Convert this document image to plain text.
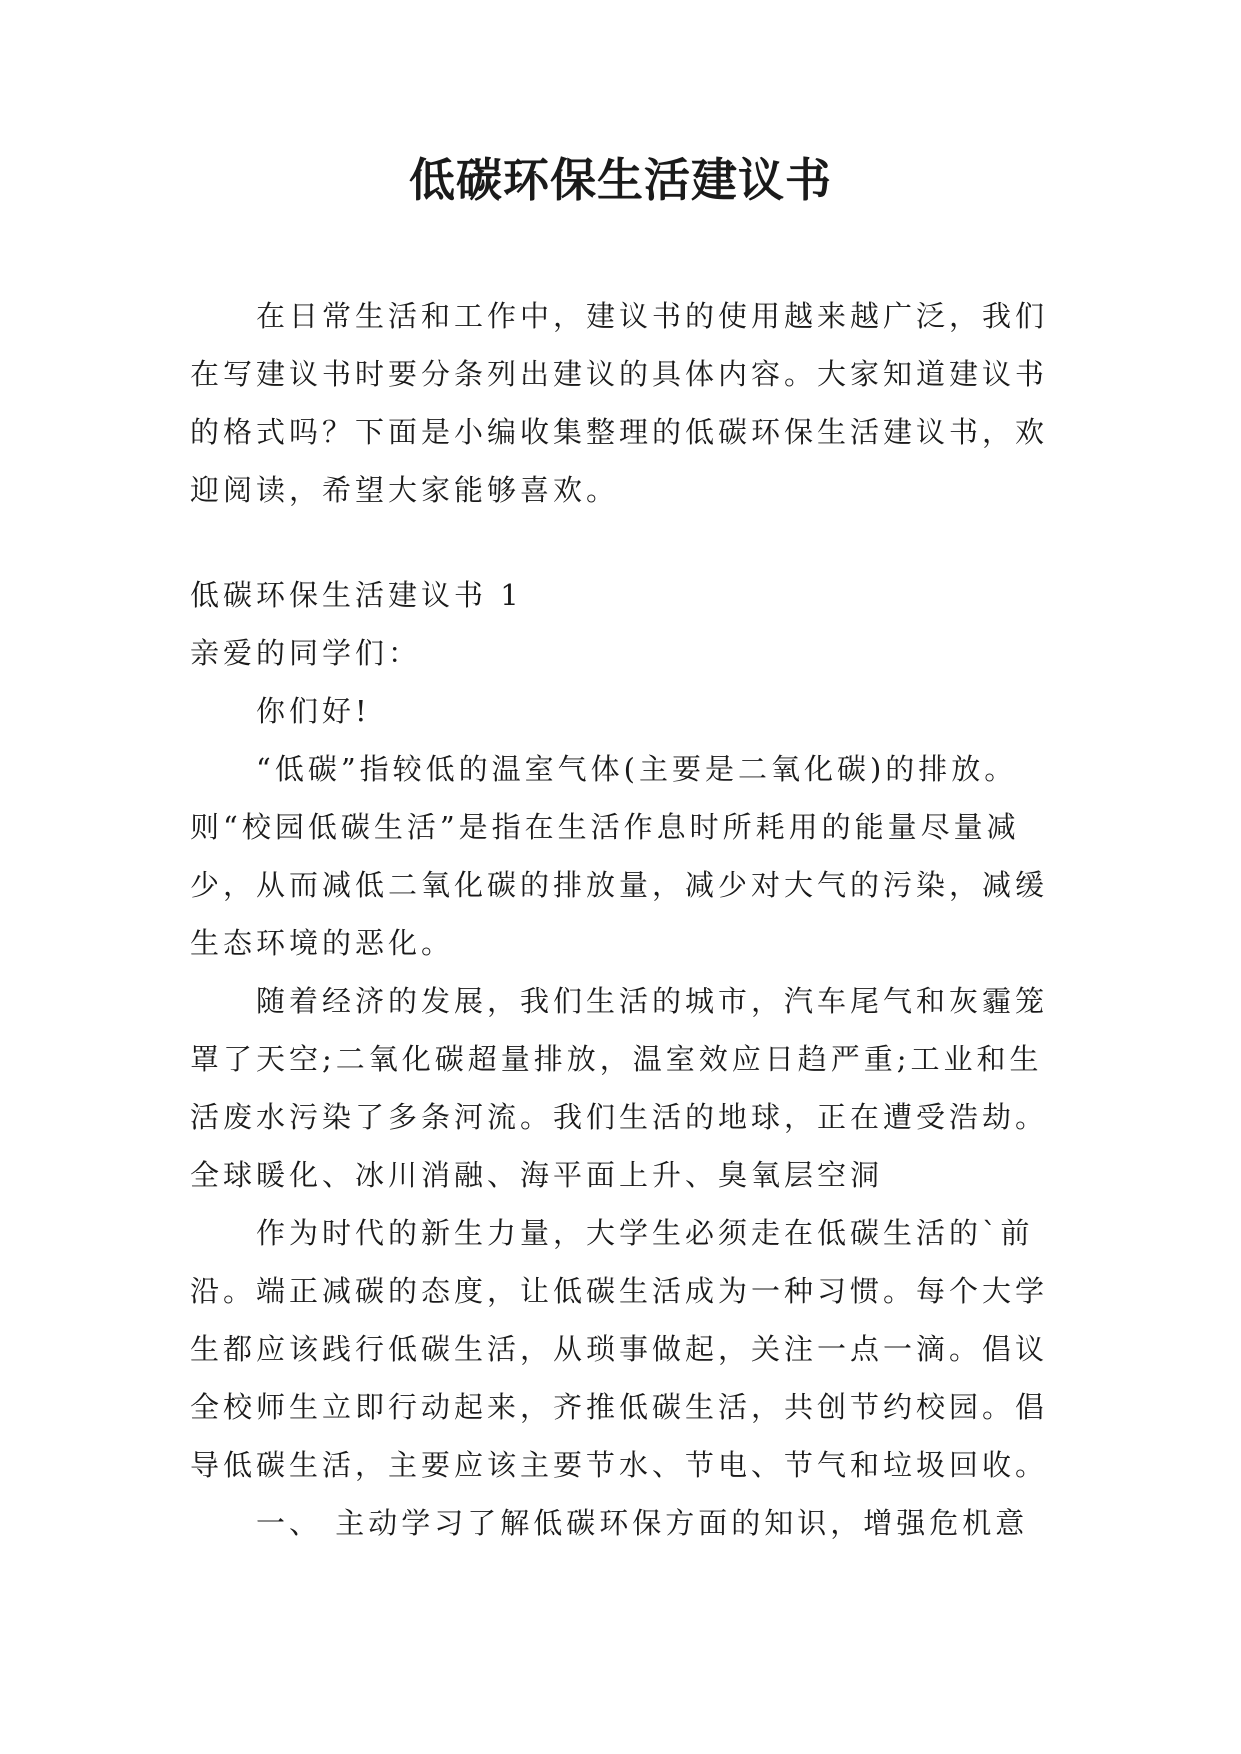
低碳环保生活建议书
在日常生活和工作中，建议书的使用越来越广泛，我们
在写建议书时要分条列出建议的具体内容。大家知道建议书
的格式吗？下面是小编收集整理的低碳环保生活建议书，欢
迎阅读，希望大家能够喜欢。
低碳环保生活建议书 1
亲爱的同学们：
你们好!
“低碳”指较低的温室气体(主要是二氧化碳)的排放。
则“校园低碳生活”是指在生活作息时所耗用的能量尽量减
少，从而减低二氧化碳的排放量，减少对大气的污染，减缓
生态环境的恶化。
随着经济的发展，我们生活的城市，汽车尾气和灰霾笼
罩了天空;二氧化碳超量排放，温室效应日趋严重;工业和生
活废水污染了多条河流。我们生活的地球，正在遭受浩劫。
全球暖化、冰川消融、海平面上升、臭氧层空洞
作为时代的新生力量，大学生必须走在低碳生活的`前
沿。端正减碳的态度，让低碳生活成为一种习惯。每个大学
生都应该践行低碳生活，从琐事做起，关注一点一滴。倡议
全校师生立即行动起来，齐推低碳生活，共创节约校园。倡
导低碳生活，主要应该主要节水、节电、节气和垃圾回收。
一、 主动学习了解低碳环保方面的知识，增强危机意
